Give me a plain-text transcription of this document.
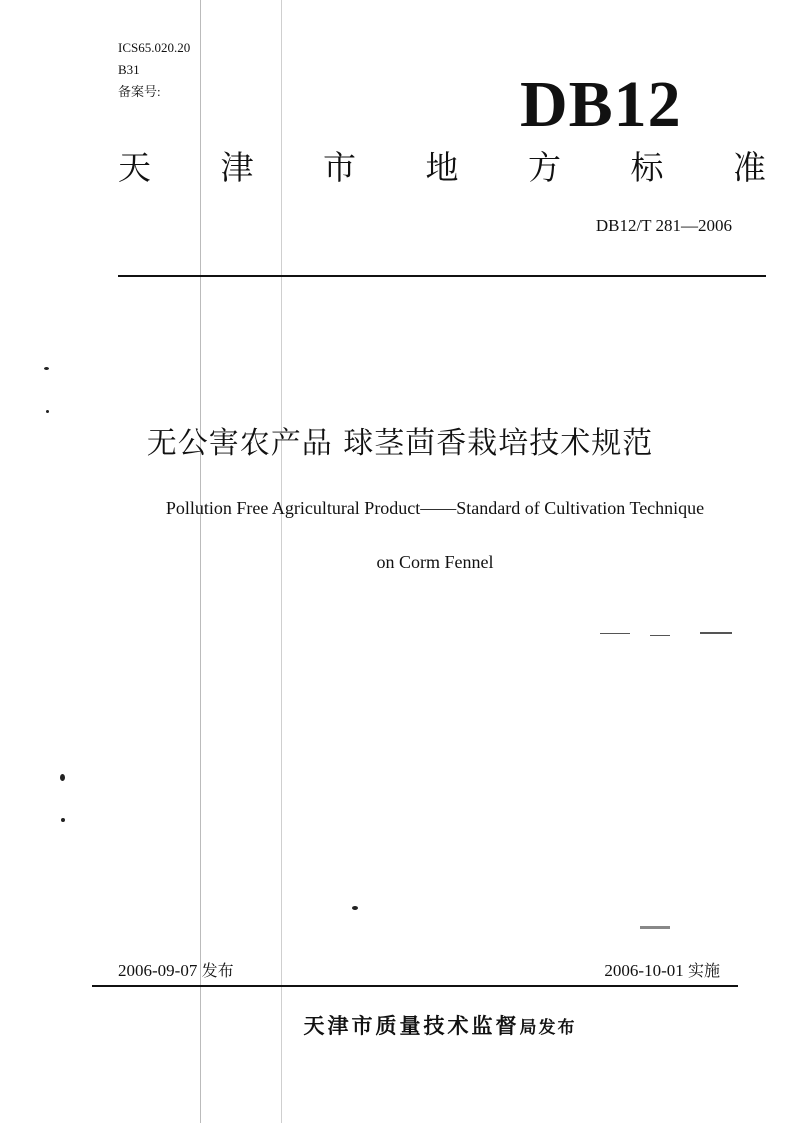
ICS65.020.20
B31
备案号:	DB12
天 津 市 地 方 标 准
DB12/T 281—2006
无公害农产品 球茎茴香栽培技术规范
Pollution Free Agricultural Product——Standard of Cultivation Technique
on Corm Fennel
2006-09-07 发布	2006-10-01 实施
天津市质量技术监督局发布
